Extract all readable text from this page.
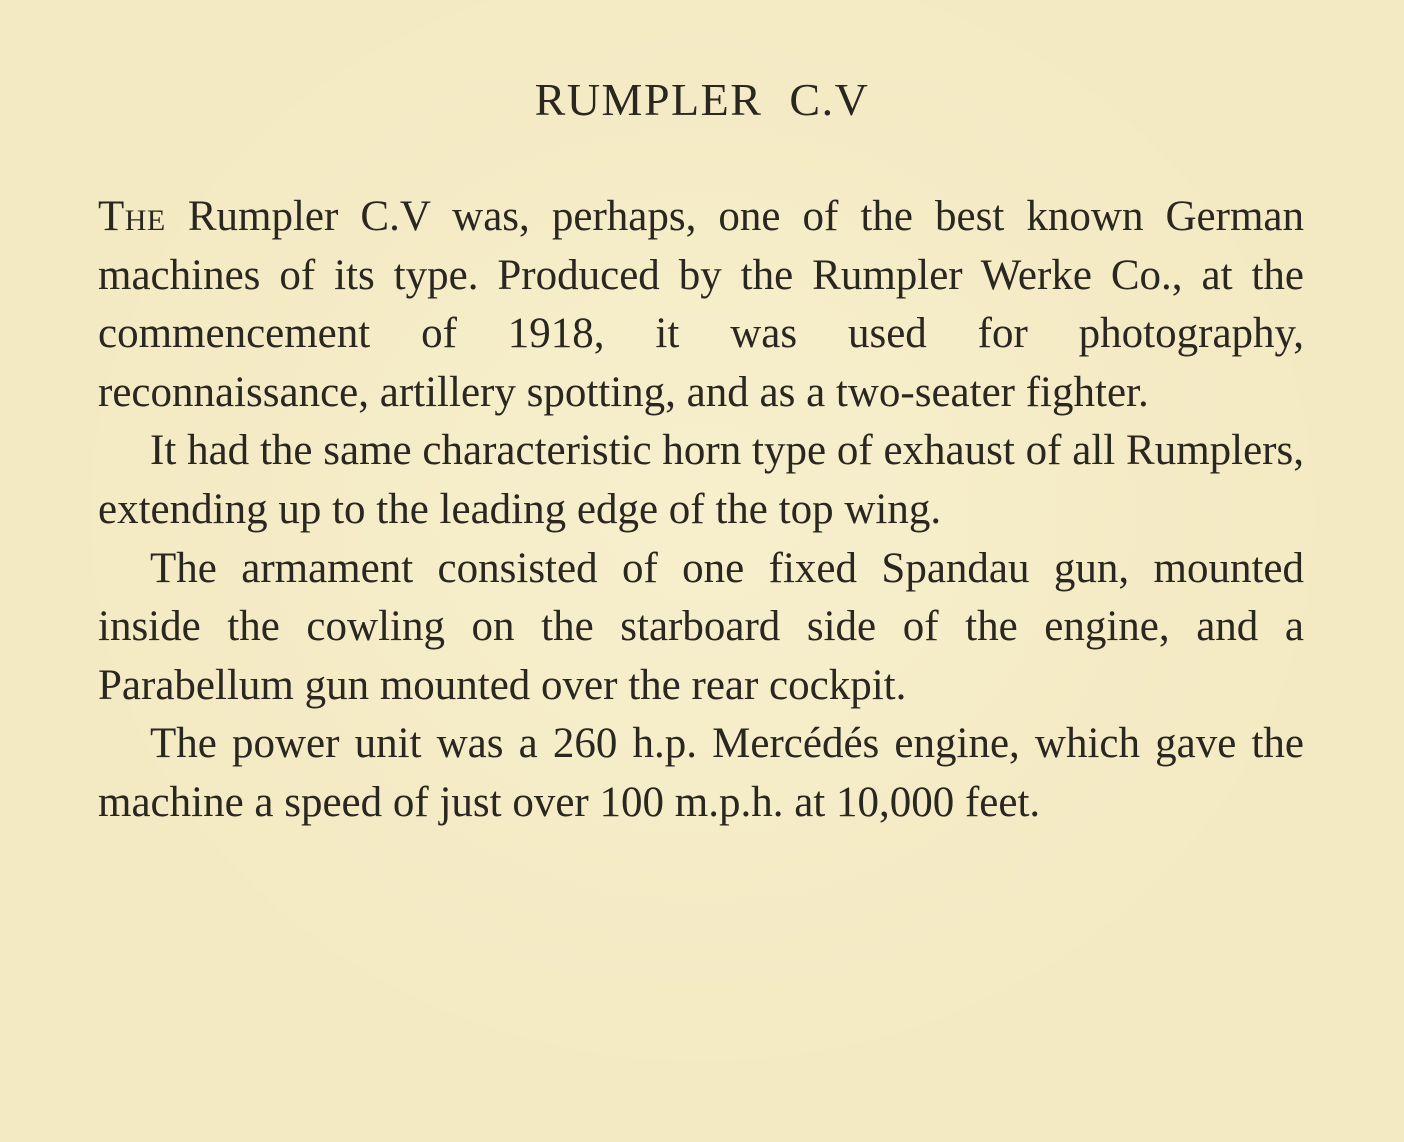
RUMPLER C.V

The Rumpler C.V was, perhaps, one of the best known German machines of its type. Produced by the Rumpler Werke Co., at the commencement of 1918, it was used for photography, reconnaissance, artillery spotting, and as a two-seater fighter.

It had the same characteristic horn type of exhaust of all Rumplers, extending up to the leading edge of the top wing.

The armament consisted of one fixed Spandau gun, mounted inside the cowling on the starboard side of the engine, and a Parabellum gun mounted over the rear cockpit.

The power unit was a 260 h.p. Mercédés engine, which gave the machine a speed of just over 100 m.p.h. at 10,000 feet.
